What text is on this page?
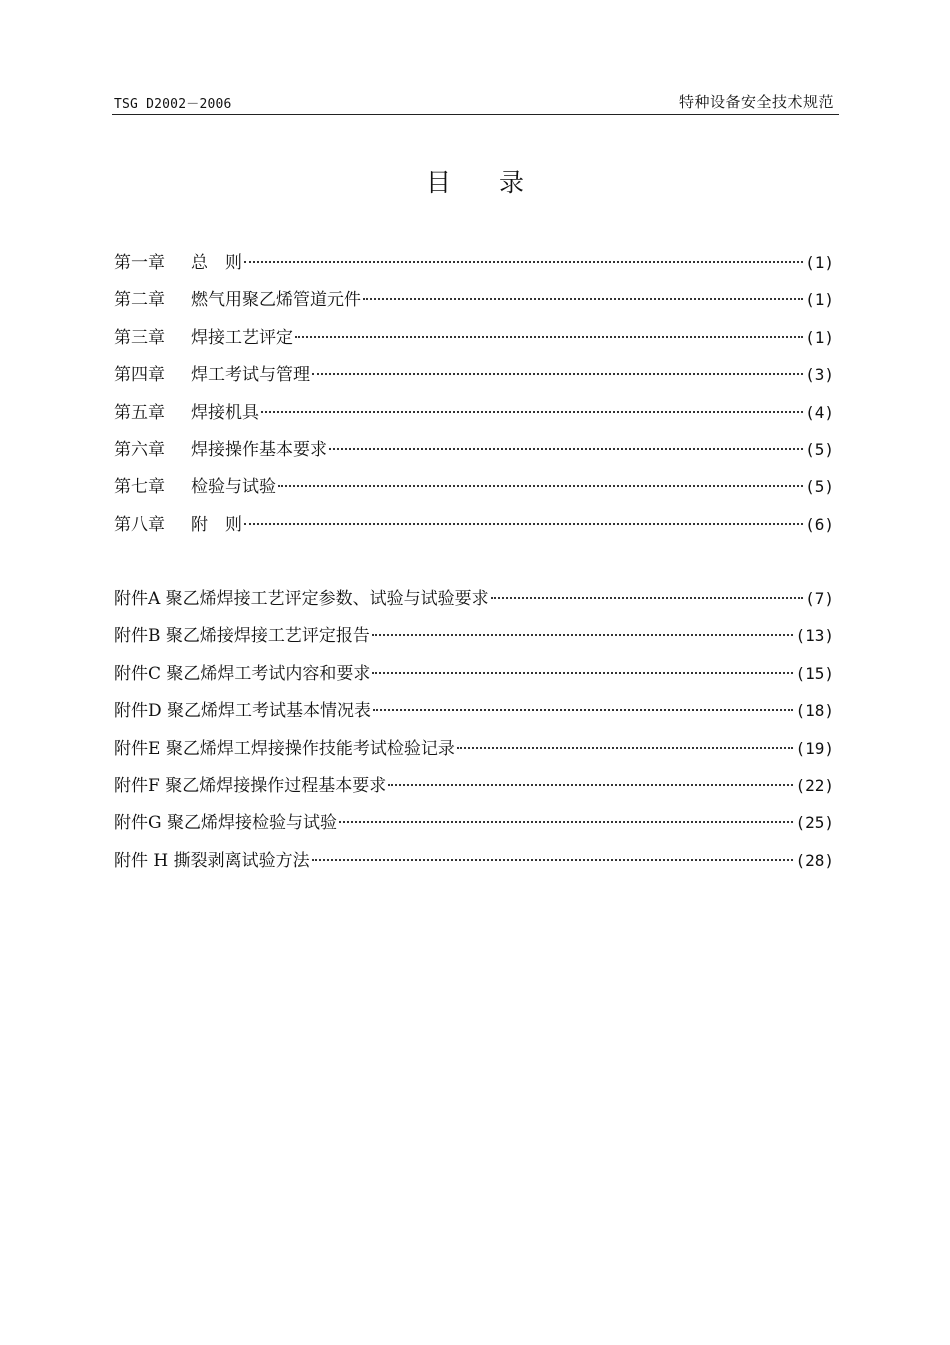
TSG D2002－2006	特种设备安全技术规范
目录
第一章	总　则	(1)
第二章	燃气用聚乙烯管道元件	(1)
第三章	焊接工艺评定	(1)
第四章	焊工考试与管理	(3)
第五章	焊接机具	(4)
第六章	焊接操作基本要求	(5)
第七章	检验与试验	(5)
第八章	附　则	(6)
附件A 聚乙烯焊接工艺评定参数、试验与试验要求	(7)
附件B 聚乙烯接焊接工艺评定报告	(13)
附件C 聚乙烯焊工考试内容和要求	(15)
附件D 聚乙烯焊工考试基本情况表	(18)
附件E 聚乙烯焊工焊接操作技能考试检验记录	(19)
附件F 聚乙烯焊接操作过程基本要求	(22)
附件G 聚乙烯焊接检验与试验	(25)
附件 H 撕裂剥离试验方法	(28)
